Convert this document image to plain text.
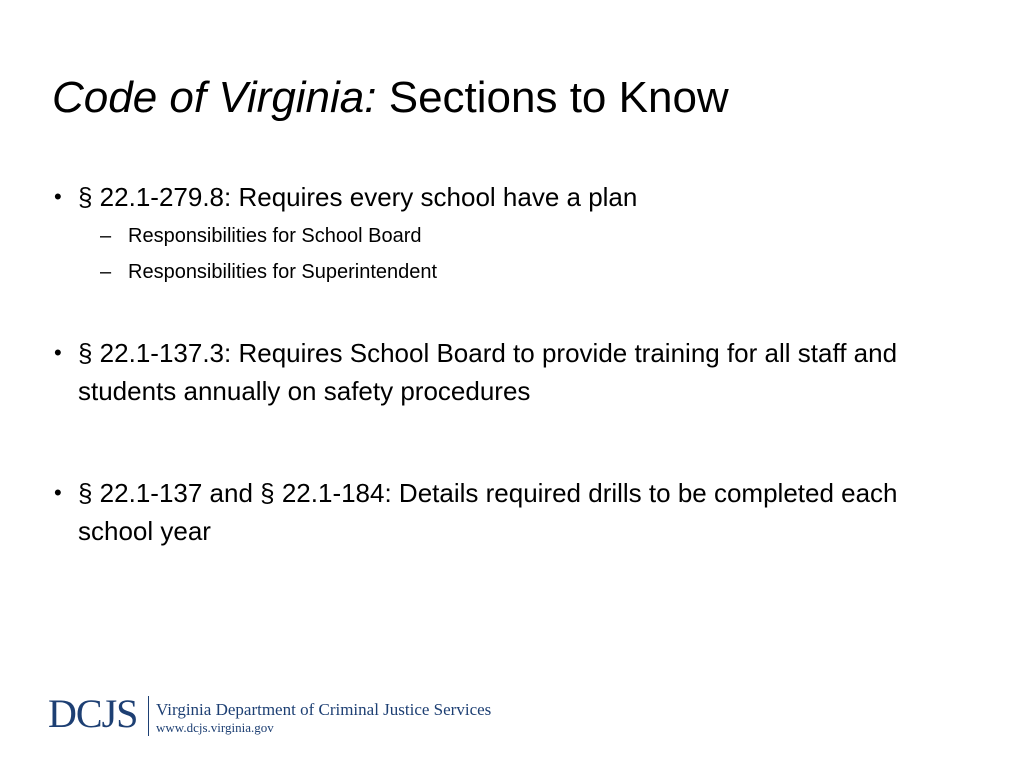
Code of Virginia: Sections to Know
• § 22.1-279.8: Requires every school have a plan
– Responsibilities for School Board
– Responsibilities for Superintendent
• § 22.1-137.3: Requires School Board to provide training for all staff and students annually on safety procedures
• § 22.1-137 and § 22.1-184: Details required drills to be completed each school year
DCJS Virginia Department of Criminal Justice Services
www.dcjs.virginia.gov
